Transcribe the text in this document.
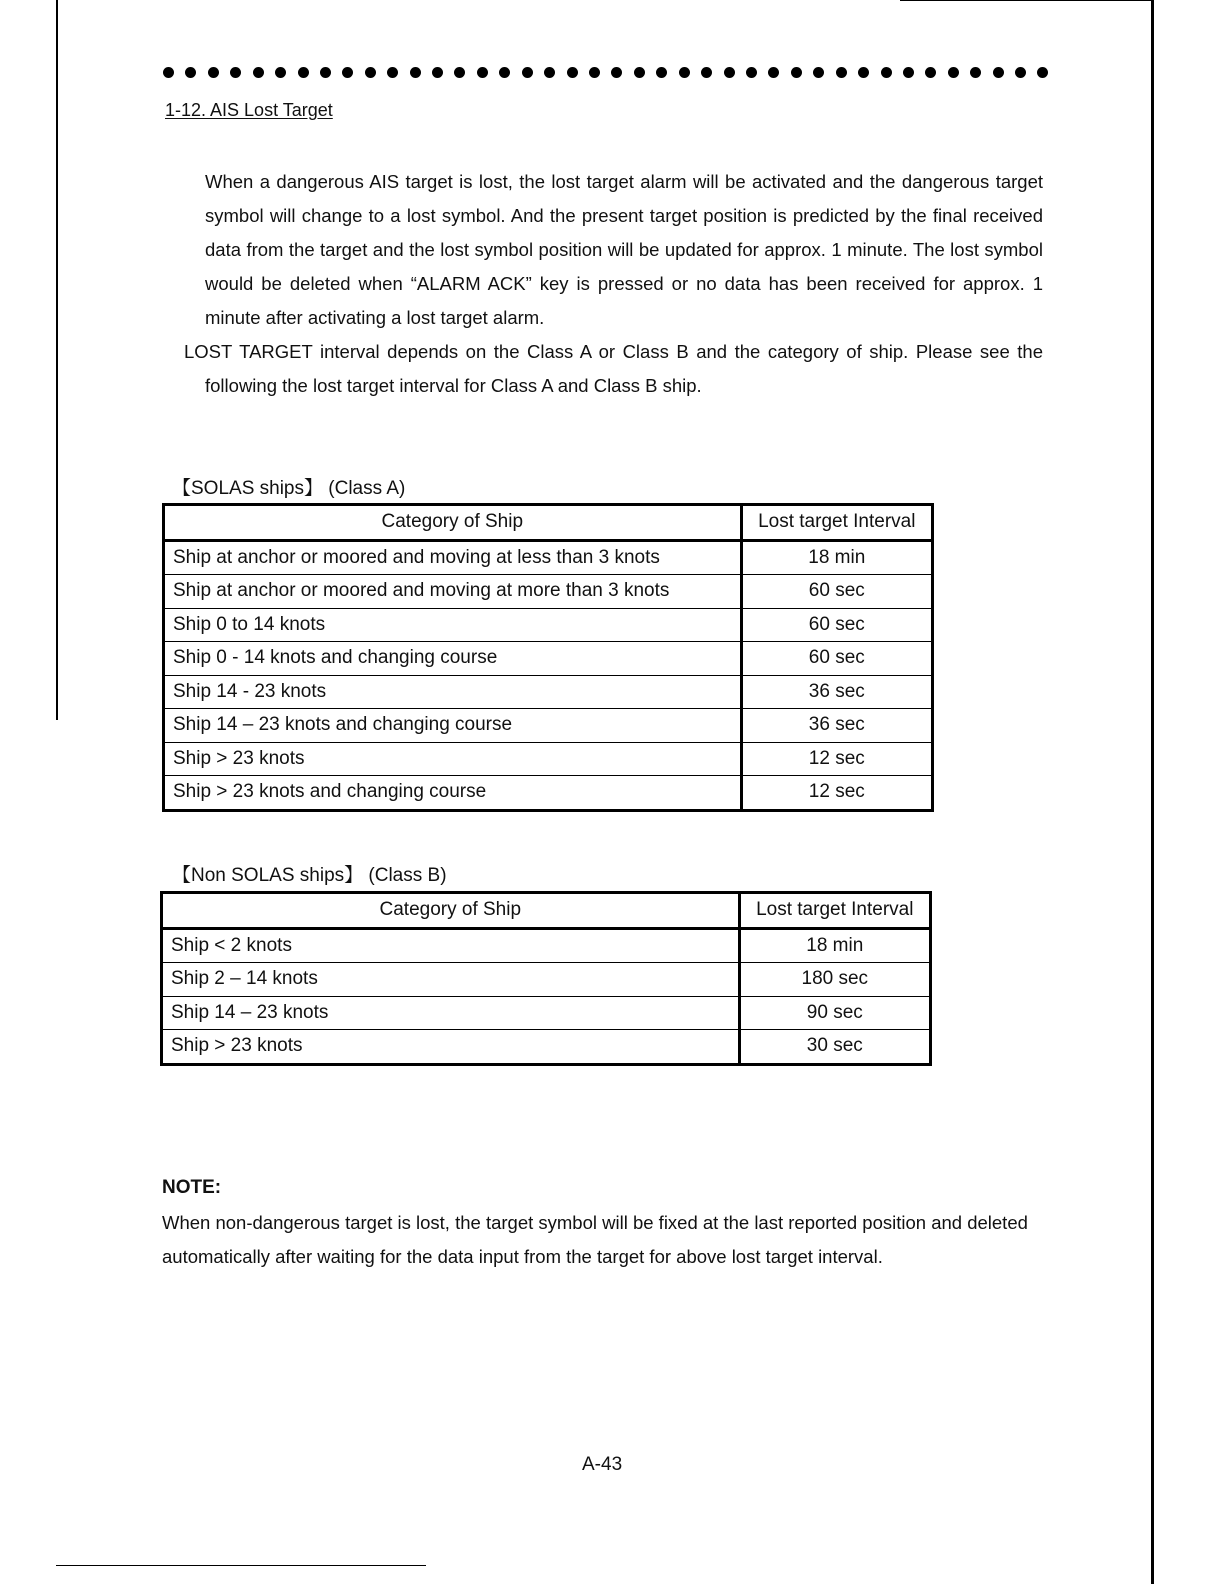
1-12. AIS Lost Target

When a dangerous AIS target is lost, the lost target alarm will be activated and the dangerous target symbol will change to a lost symbol. And the present target position is predicted by the final received data from the target and the lost symbol position will be updated for approx. 1 minute. The lost symbol would be deleted when “ALARM ACK” key is pressed or no data has been received for approx. 1 minute after activating a lost target alarm.

LOST TARGET interval depends on the Class A or Class B and the category of ship. Please see the following the lost target interval for Class A and Class B ship.

【SOLAS ships】 (Class A)
Category of Ship	Lost target Interval
Ship at anchor or moored and moving at less than 3 knots	18 min
Ship at anchor or moored and moving at more than 3 knots	60 sec
Ship 0 to 14 knots	60 sec
Ship 0 - 14 knots and changing course	60 sec
Ship 14 - 23 knots	36 sec
Ship 14 – 23 knots and changing course	36 sec
Ship > 23 knots	12 sec
Ship > 23 knots and changing course	12 sec
【Non SOLAS ships】 (Class B)
Category of Ship	Lost target Interval
Ship < 2 knots	18 min
Ship 2 – 14 knots	180 sec
Ship 14 – 23 knots	90 sec
Ship > 23 knots	30 sec
NOTE:

When non-dangerous target is lost, the target symbol will be fixed at the last reported position and deleted automatically after waiting for the data input from the target for above lost target interval.

A-43
